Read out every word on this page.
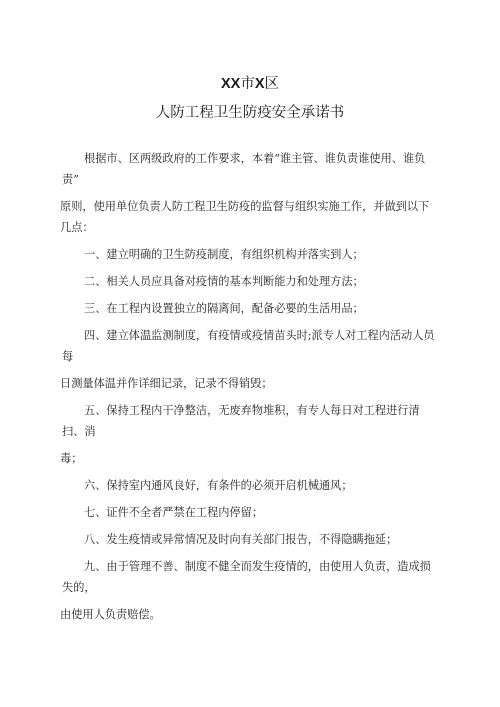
XX市X区
人防工程卫生防疫安全承诺书

根据市、区两级政府的工作要求，本着“谁主管、谁负责谁使用、谁负责”

原则，使用单位负责人防工程卫生防疫的监督与组织实施工作，并做到以下几点：

一、建立明确的卫生防疫制度，有组织机构并落实到人；

二、相关人员应具备对疫情的基本判断能力和处理方法；

三、在工程内设置独立的隔离间，配备必要的生活用品；

四、建立体温监测制度，有疫情或疫情苗头时;派专人对工程内活动人员每

日测量体温并作详细记录，记录不得销毁；

五、保持工程内干净整洁，无废弃物堆积，有专人每日对工程进行清扫、消

毒；

六、保持室内通风良好，有条件的必须开启机械通风；

七、证件不全者严禁在工程内停留；

八、发生疫情或异常情况及时向有关部门报告，不得隐瞒拖延；

九、由于管理不善、制度不健全而发生疫情的，由使用人负责，造成损失的，

由使用人负责赔偿。
